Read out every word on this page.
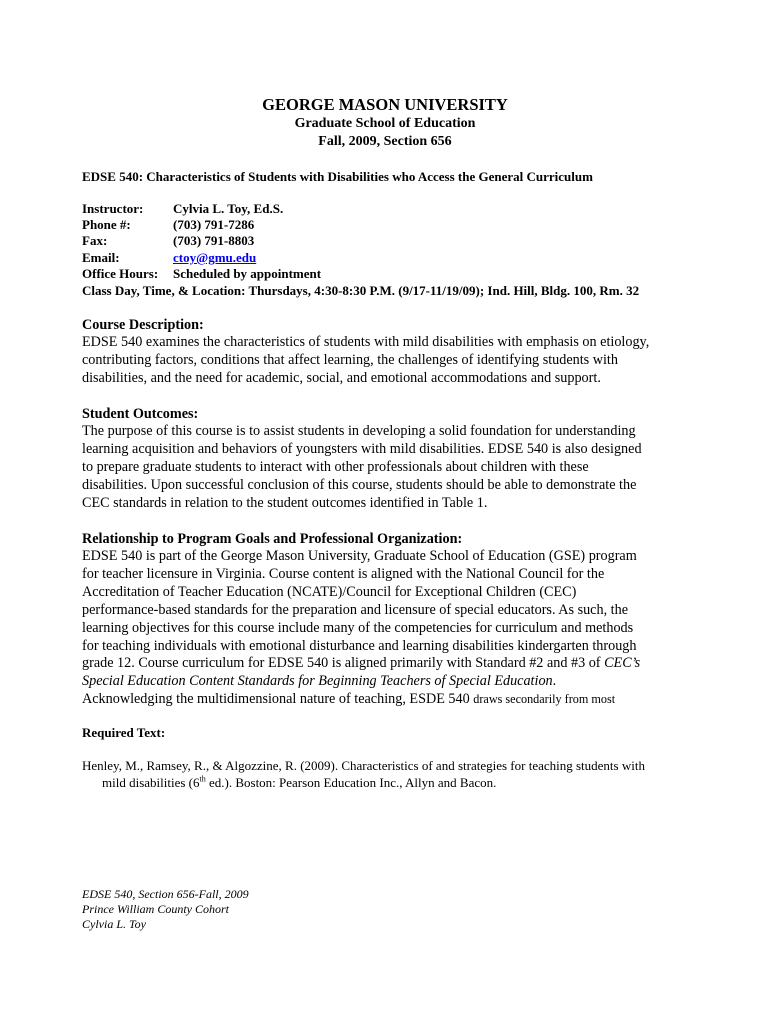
GEORGE MASON UNIVERSITY
Graduate School of Education
Fall, 2009, Section 656
EDSE 540: Characteristics of Students with Disabilities who Access the General Curriculum
Instructor:	Cylvia L. Toy, Ed.S.
Phone #:	(703) 791-7286
Fax:	(703) 791-8803
Email:	ctoy@gmu.edu
Office Hours:	Scheduled by appointment
Class Day, Time, & Location: Thursdays, 4:30-8:30 P.M. (9/17-11/19/09); Ind. Hill, Bldg. 100, Rm. 32
Course Description:
EDSE 540 examines the characteristics of students with mild disabilities with emphasis on etiology,
contributing factors, conditions that affect learning, the challenges of identifying students with
disabilities, and the need for academic, social, and emotional accommodations and support.
Student Outcomes:
The purpose of this course is to assist students in developing a solid foundation for understanding
learning acquisition and behaviors of youngsters with mild disabilities. EDSE 540 is also designed
to prepare graduate students to interact with other professionals about children with these
disabilities. Upon successful conclusion of this course, students should be able to demonstrate the
CEC standards in relation to the student outcomes identified in Table 1.
Relationship to Program Goals and Professional Organization:
EDSE 540 is part of the George Mason University, Graduate School of Education (GSE) program
for teacher licensure in Virginia. Course content is aligned with the National Council for the
Accreditation of Teacher Education (NCATE)/Council for Exceptional Children (CEC)
performance-based standards for the preparation and licensure of special educators. As such, the
learning objectives for this course include many of the competencies for curriculum and methods
for teaching individuals with emotional disturbance and learning disabilities kindergarten through
grade 12. Course curriculum for EDSE 540 is aligned primarily with Standard #2 and #3 of CEC’s
Special Education Content Standards for Beginning Teachers of Special Education.
Acknowledging the multidimensional nature of teaching, ESDE 540 draws secondarily from most
Required Text:
Henley, M., Ramsey, R., & Algozzine, R. (2009). Characteristics of and strategies for teaching students with
mild disabilities (6th ed.). Boston: Pearson Education Inc., Allyn and Bacon.
EDSE 540, Section 656-Fall, 2009
Prince William County Cohort
Cylvia L. Toy
